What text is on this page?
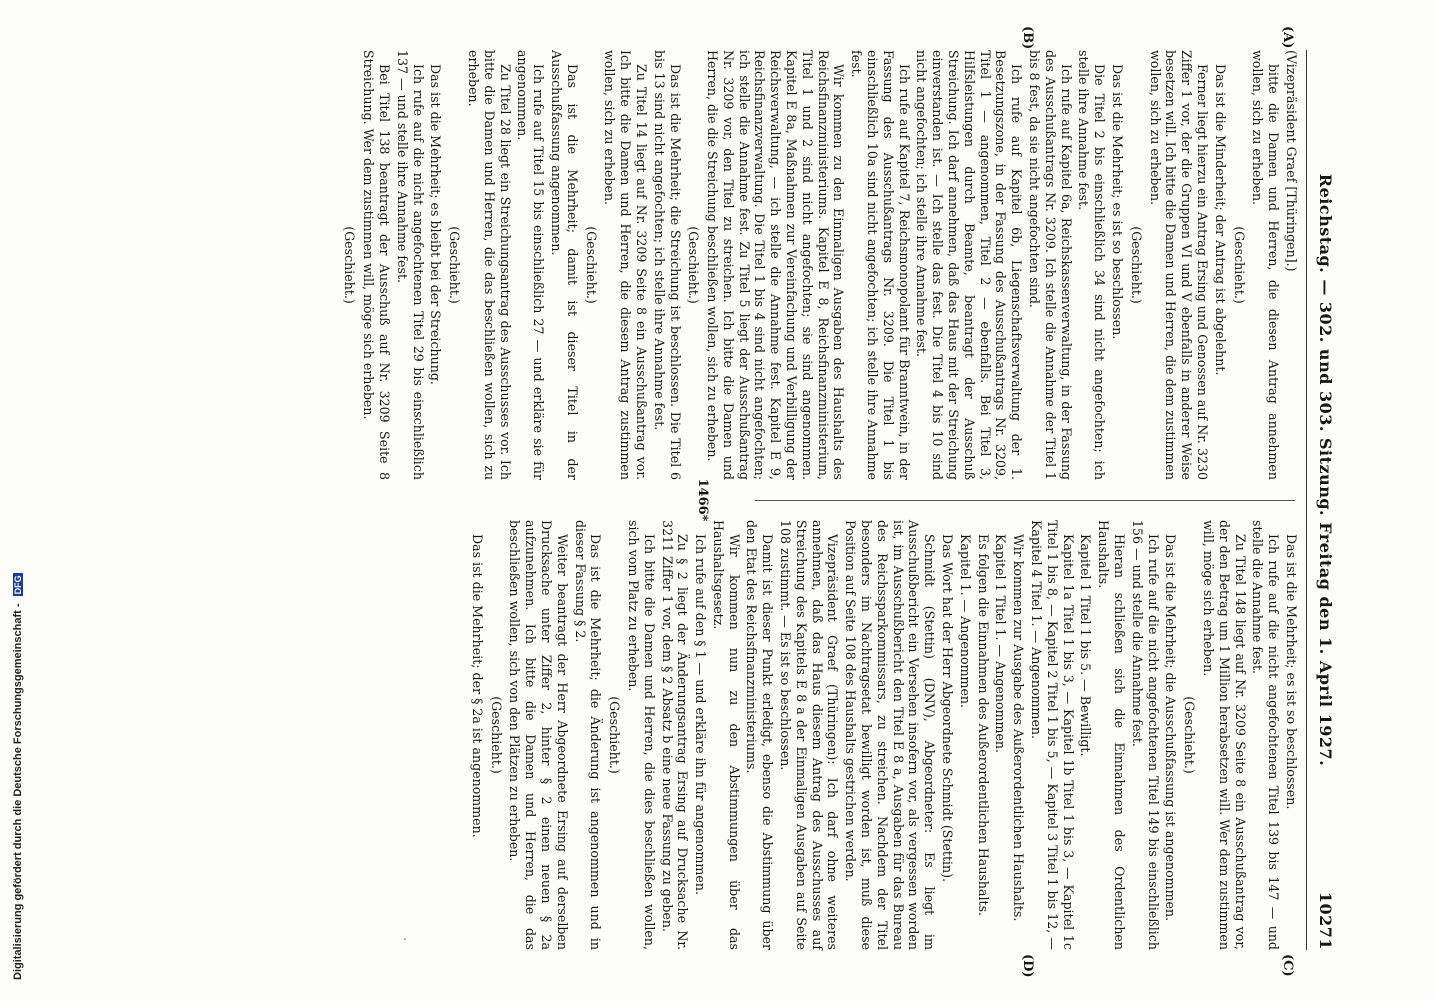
Reichstag. — 302. und 303. Sitzung. Freitag den 1. April 1927.
10271

(Vizepräsident Graef [Thüringen].)

bitte die Damen und Herren, die diesen Antrag annehmen wollen, sich zu erheben.

(Geschieht.)

Das ist die Minderheit; der Antrag ist abgelehnt.

Ferner liegt hierzu ein Antrag Ersing und Genossen auf Nr. 3230 Ziffer 1 vor, der die Gruppen VI und V ebenfalls in anderer Weise besetzen will. Ich bitte die Damen und Herren, die dem zustimmen wollen, sich zu erheben.

(Geschieht.)

Das ist die Mehrheit; es ist so beschlossen.

Die Titel 2 bis einschließlich 34 sind nicht angefochten; ich stelle ihre Annahme fest.

Ich rufe auf Kapitel 6a, Reichskassenverwaltung, in der Fassung des Ausschußantrags Nr. 3209. Ich stelle die Annahme der Titel 1 bis 8 fest, da sie nicht angefochten sind.

Ich rufe auf Kapitel 6b, Liegenschaftsverwaltung der 1. Besetzungszone, in der Fassung des Ausschußantrags Nr. 3209, Titel 1 — angenommen, Titel 2 — ebenfalls. Bei Titel 3, Hilfsleistungen durch Beamte, beantragt der Ausschuß Streichung. Ich darf annehmen, daß das Haus mit der Streichung einverstanden ist. — Ich stelle das fest. Die Titel 4 bis 10 sind nicht angefochten; ich stelle ihre Annahme fest.

Ich rufe auf Kapitel 7, Reichsmonopolamt für Branntwein, in der Fassung des Ausschußantrags Nr. 3209. Die Titel 1 bis einschließlich 10a sind nicht angefochten; ich stelle ihre Annahme fest.

Wir kommen zu den Einmaligen Ausgaben des Haushalts des Reichsfinanzministeriums. Kapitel E 8, Reichsfinanzministerium, Titel 1 und 2 sind nicht angefochten; sie sind angenommen. Kapitel E 8a, Maßnahmen zur Vereinfachung und Verbilligung der Reichsverwaltung, — ich stelle die Annahme fest. Kapitel E 9, Reichsfinanzverwaltung. Die Titel 1 bis 4 sind nicht angefochten; ich stelle die Annahme fest. Zu Titel 5 liegt der Ausschußantrag Nr. 3209 vor, den Titel zu streichen. Ich bitte die Damen und Herren, die die Streichung beschließen wollen, sich zu erheben.

(Geschieht.)

Das ist die Mehrheit; die Streichung ist beschlossen. Die Titel 6 bis 13 sind nicht angefochten; ich stelle ihre Annahme fest.

Zu Titel 14 liegt auf Nr. 3209 Seite 8 ein Ausschußantrag vor. Ich bitte die Damen und Herren, die diesem Antrag zustimmen wollen, sich zu erheben.

(Geschieht.)

Das ist die Mehrheit; damit ist dieser Titel in der Ausschußfassung angenommen.

Ich rufe auf Titel 15 bis einschließlich 27 — und erkläre sie für angenommen.

Zu Titel 28 liegt ein Streichungsantrag des Ausschusses vor. Ich bitte die Damen und Herren, die das beschließen wollen, sich zu erheben.

(Geschieht.)

Das ist die Mehrheit; es bleibt bei der Streichung.

Ich rufe auf die nicht angefochtenen Titel 29 bis einschließlich 137 — und stelle ihre Annahme fest.

Bei Titel 138 beantragt der Ausschuß auf Nr. 3209 Seite 8 Streichung. Wer dem zustimmen will, möge sich erheben.

(Geschieht.)

Das ist die Mehrheit; es ist so beschlossen.

Ich rufe auf die nicht angefochtenen Titel 139 bis 147 — und stelle die Annahme fest.

Zu Titel 148 liegt auf Nr. 3209 Seite 8 ein Ausschußantrag vor, der den Betrag um 1 Million herabsetzen will. Wer dem zustimmen will, möge sich erheben.

(Geschieht.)

Das ist die Mehrheit; die Ausschußfassung ist angenommen.

Ich rufe auf die nicht angefochtenen Titel 149 bis einschließlich 156 — und stelle die Annahme fest.

Hieran schließen sich die Einnahmen des Ordentlichen Haushalts.

Kapitel 1 Titel 1 bis 5. — Bewilligt.

Kapitel 1a Titel 1 bis 3, — Kapitel 1b Titel 1 bis 3, — Kapitel 1c Titel 1 bis 8, — Kapitel 2 Titel 1 bis 5, — Kapitel 3 Titel 1 bis 12, — Kapitel 4 Titel 1. — Angenommen.

Wir kommen zur Ausgabe des Außerordentlichen Haushalts.

Kapitel 1 Titel 1. — Angenommen.

Es folgen die Einnahmen des Außerordentlichen Haushalts.

Kapitel 1. — Angenommen.

Das Wort hat der Herr Abgeordnete Schmidt (Stettin).

Schmidt (Stettin) (DNV), Abgeordneter: Es liegt im Ausschußbericht ein Versehen insofern vor, als vergessen worden ist, im Ausschußbericht den Titel E 8 a, Ausgaben für das Bureau des Reichssparkommissars, zu streichen. Nachdem der Titel besonders im Nachtragsetat bewilligt worden ist, muß diese Position auf Seite 108 des Haushalts gestrichen werden.

Vizepräsident Graef (Thüringen): Ich darf ohne weiteres annehmen, daß das Haus diesem Antrag des Ausschusses auf Streichung des Kapitels E 8 a der Einmaligen Ausgaben auf Seite 108 zustimmt. — Es ist so beschlossen.

Damit ist dieser Punkt erledigt, ebenso die Abstimmung über den Etat des Reichsfinanzministeriums.

Wir kommen nun zu den Abstimmungen über das Haushaltsgesetz.

Ich rufe auf den § 1 — und erkläre ihn für angenommen.

Zu § 2 liegt der Änderungsantrag Ersing auf Drucksache Nr. 3211 Ziffer 1 vor, dem § 2 Absatz b eine neue Fassung zu geben.

Ich bitte die Damen und Herren, die dies beschließen wollen, sich vom Platz zu erheben.

(Geschieht.)

Das ist die Mehrheit; die Änderung ist angenommen und in dieser Fassung § 2.

Weiter beantragt der Herr Abgeordnete Ersing auf derselben Drucksache unter Ziffer 2, hinter § 2 einen neuen § 2a aufzunehmen. Ich bitte die Damen und Herren, die das beschließen wollen, sich von den Plätzen zu erheben.

(Geschieht.)

Das ist die Mehrheit; der § 2a ist angenommen.

(A)
(B)
(C)
(D)
1466*
Digitalisierung gefördert durch die Deutsche Forschungsgemeinschaft - DFG
